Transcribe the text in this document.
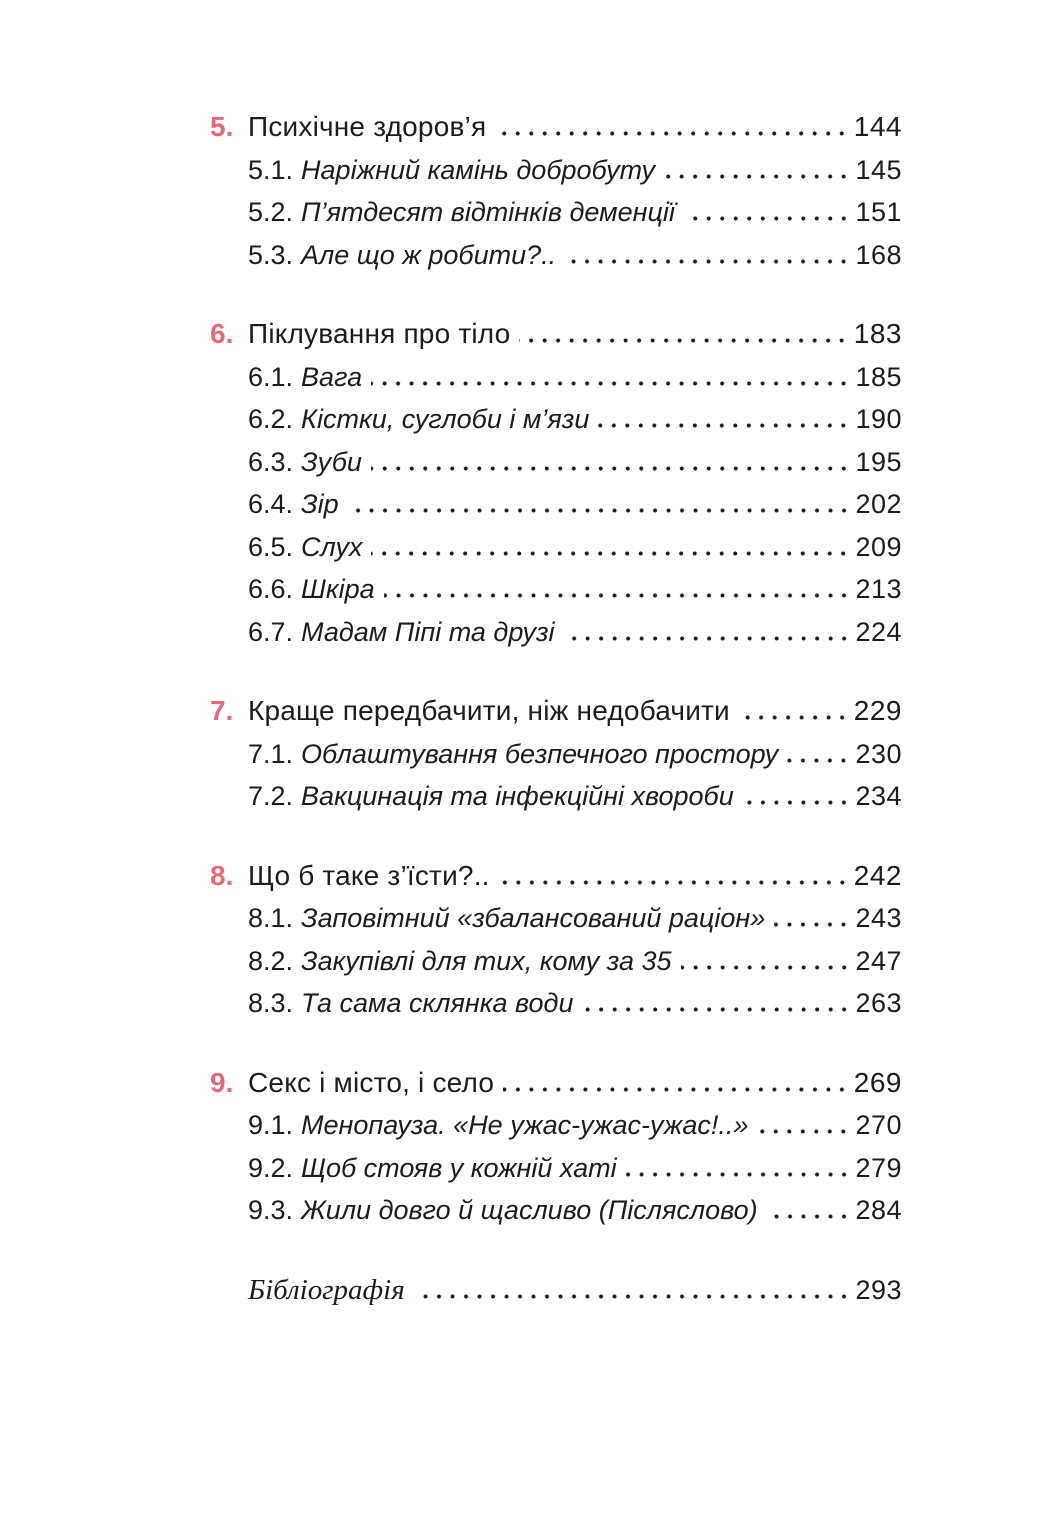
5. Психічне здоров’я	144
5.1. Наріжний камінь добробуту	145
5.2. П’ятдесят відтінків деменції	151
5.3. Але що ж робити?..	168
6. Піклування про тіло	183
6.1. Вага	185
6.2. Кістки, суглоби і м’язи	190
6.3. Зуби	195
6.4. Зір	202
6.5. Слух	209
6.6. Шкіра	213
6.7. Мадам Піпі та друзі	224
7. Краще передбачити, ніж недобачити	229
7.1. Облаштування безпечного простору	230
7.2. Вакцинація та інфекційні хвороби	234
8. Що б таке з’їсти?..	242
8.1. Заповітний «збалансований раціон»	243
8.2. Закупівлі для тих, кому за 35	247
8.3. Та сама склянка води	263
9. Секс і місто, і село	269
9.1. Менопауза. «Не ужас-ужас-ужас!..»	270
9.2. Щоб стояв у кожній хаті	279
9.3. Жили довго й щасливо (Післяслово)	284
Бібліографія	293
